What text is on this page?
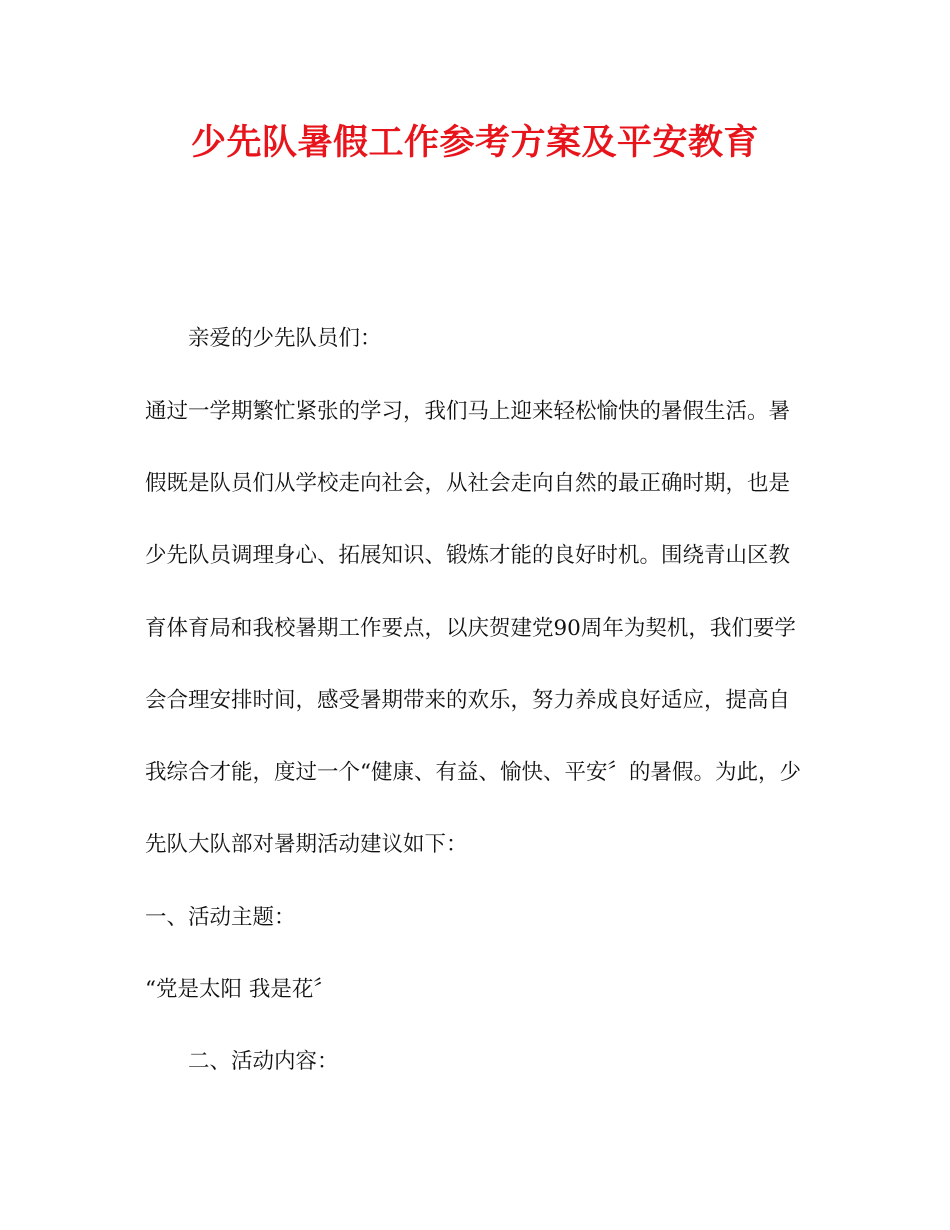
少先队暑假工作参考方案及平安教育

亲爱的少先队员们：

通过一学期繁忙紧张的学习，我们马上迎来轻松愉快的暑假生活。暑

假既是队员们从学校走向社会，从社会走向自然的最正确时期，也是

少先队员调理身心、拓展知识、锻炼才能的良好时机。围绕青山区教

育体育局和我校暑期工作要点，以庆贺建党90周年为契机，我们要学

会合理安排时间，感受暑期带来的欢乐，努力养成良好适应，提高自

我综合才能，度过一个“健康、有益、愉快、平安〞的暑假。为此，少

先队大队部对暑期活动建议如下：

一、活动主题：

“党是太阳 我是花〞

二、活动内容：
